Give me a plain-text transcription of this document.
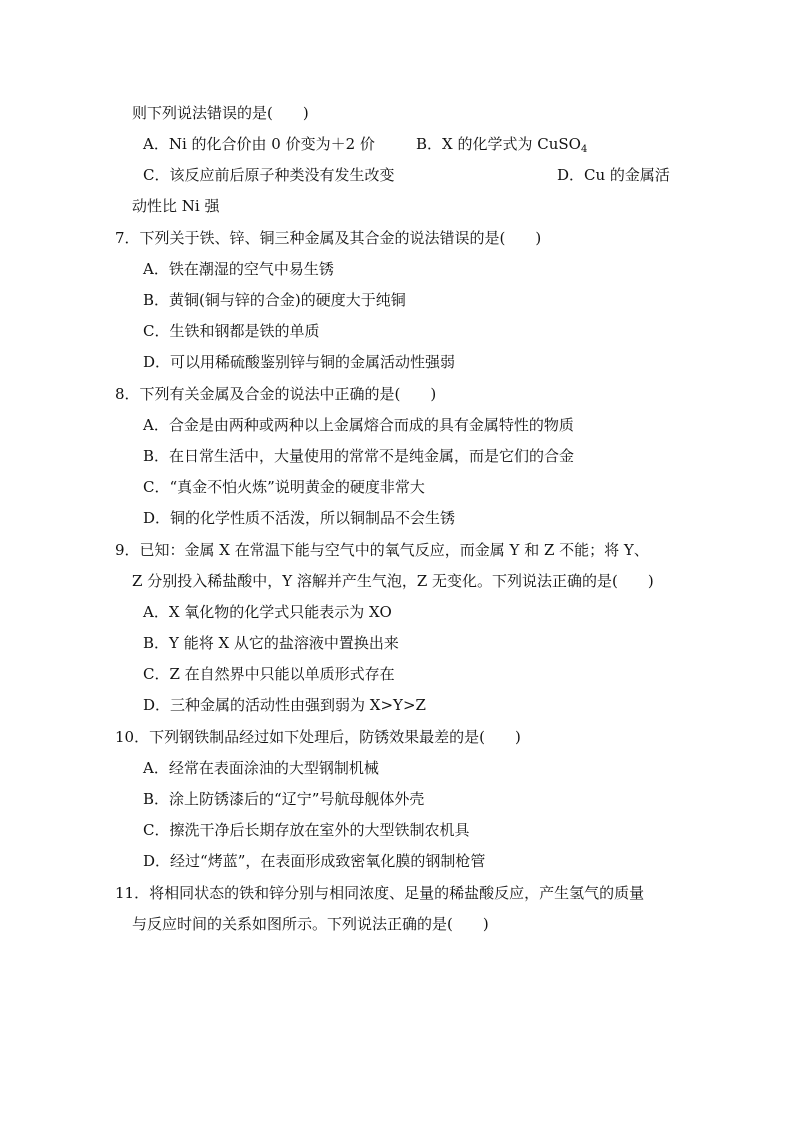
则下列说法错误的是(　　)
A．Ni 的化合价由 0 价变为＋2 价	B．X 的化学式为 CuSO$_4$
C．该反应前后原子种类没有发生改变	D．Cu 的金属活
动性比 Ni 强
7．下列关于铁、锌、铜三种金属及其合金的说法错误的是(　　)
A．铁在潮湿的空气中易生锈
B．黄铜(铜与锌的合金)的硬度大于纯铜
C．生铁和钢都是铁的单质
D．可以用稀硫酸鉴别锌与铜的金属活动性强弱
8．下列有关金属及合金的说法中正确的是(　　)
A．合金是由两种或两种以上金属熔合而成的具有金属特性的物质
B．在日常生活中，大量使用的常常不是纯金属，而是它们的合金
C．“真金不怕火炼”说明黄金的硬度非常大
D．铜的化学性质不活泼，所以铜制品不会生锈
9．已知：金属 X 在常温下能与空气中的氧气反应，而金属 Y 和 Z 不能；将 Y、
Z 分别投入稀盐酸中，Y 溶解并产生气泡，Z 无变化。下列说法正确的是(　　)
A．X 氧化物的化学式只能表示为 XO
B．Y 能将 X 从它的盐溶液中置换出来
C．Z 在自然界中只能以单质形式存在
D．三种金属的活动性由强到弱为 X>Y>Z
10．下列钢铁制品经过如下处理后，防锈效果最差的是(　　)
A．经常在表面涂油的大型钢制机械
B．涂上防锈漆后的“辽宁”号航母舰体外壳
C．擦洗干净后长期存放在室外的大型铁制农机具
D．经过“烤蓝”，在表面形成致密氧化膜的钢制枪管
11．将相同状态的铁和锌分别与相同浓度、足量的稀盐酸反应，产生氢气的质量
与反应时间的关系如图所示。下列说法正确的是(　　)
